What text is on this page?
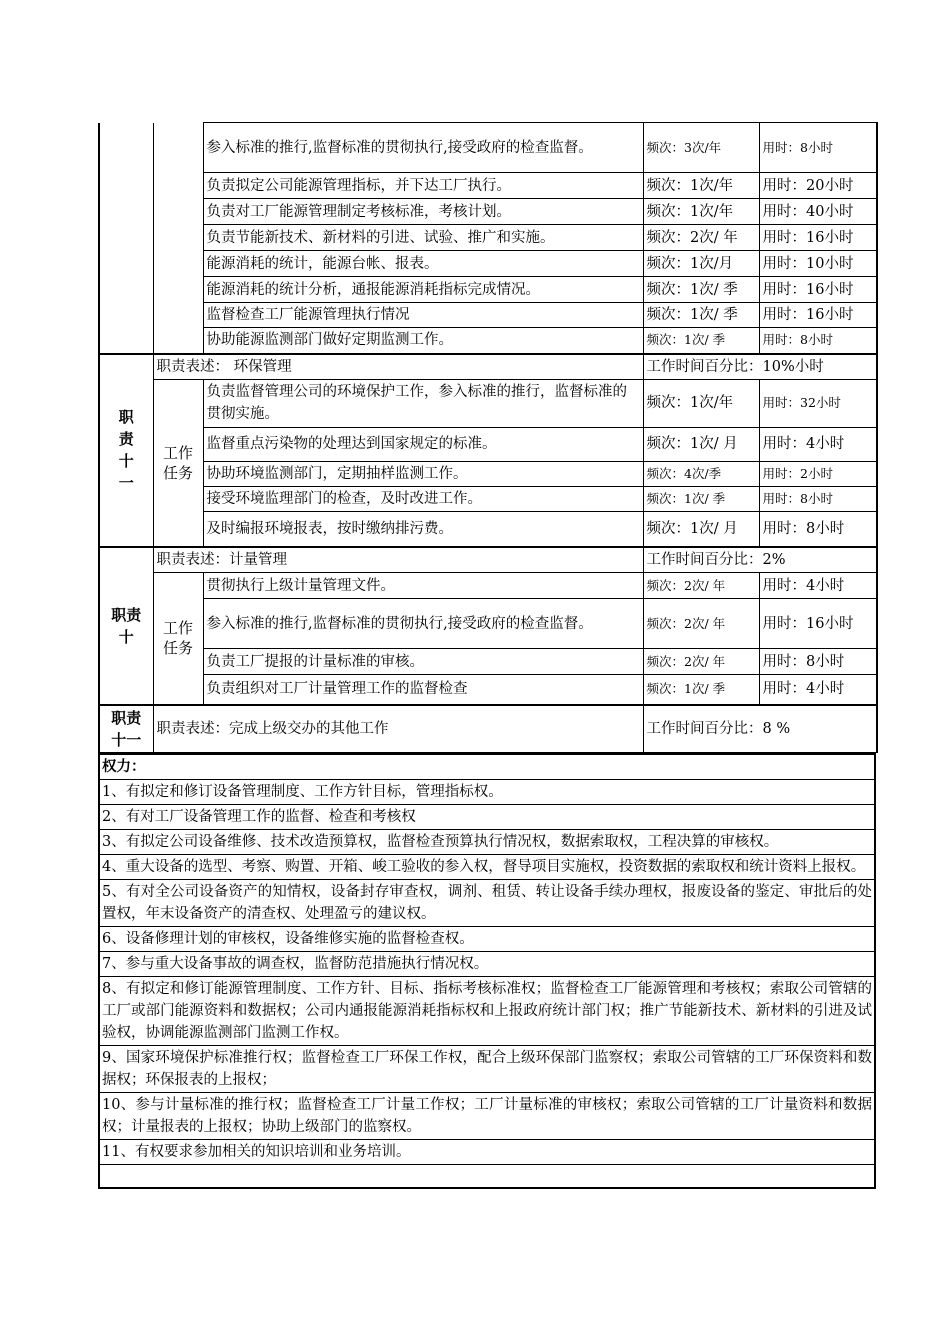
		参入标准的推行,监督标准的贯彻执行,接受政府的检查监督。	频次：3次/年	用时：8小时
		负责拟定公司能源管理指标，并下达工厂执行。	频次：1次/年	用时：20小时
		负责对工厂能源管理制定考核标准，考核计划。	频次：1次/年	用时：40小时
		负责节能新技术、新材料的引进、试验、推广和实施。	频次：2次/ 年	用时：16小时
		能源消耗的统计，能源台帐、报表。	频次：1次/月	用时：10小时
		能源消耗的统计分析，通报能源消耗指标完成情况。	频次：1次/ 季	用时：16小时
		监督检查工厂能源管理执行情况	频次：1次/ 季	用时：16小时
		协助能源监测部门做好定期监测工作。	频次：1次/ 季	用时：8小时

职责十一	职责表述： 环保管理		工作时间百分比：10%小时	

	工作任务	负责监督管理公司的环境保护工作，参入标准的推行，监督标准的贯彻实施。	频次：1次/年	用时：32小时
		监督重点污染物的处理达到国家规定的标准。	频次：1次/ 月	用时：4小时
		协助环境监测部门，定期抽样监测工作。	频次：4次/季	用时：2小时
		接受环境监理部门的检查，及时改进工作。	频次：1次/ 季	用时：8小时
		及时编报环境报表，按时缴纳排污费。	频次：1次/ 月	用时：8小时

职责十	职责表述：计量管理		工作时间百分比：2%	

	工作任务	贯彻执行上级计量管理文件。	频次：2次/ 年	用时：4小时
		参入标准的推行,监督标准的贯彻执行,接受政府的检查监督。	频次：2次/ 年	用时：16小时
		负责工厂提报的计量标准的审核。	频次：2次/ 年	用时：8小时
		负责组织对工厂计量管理工作的监督检查	频次：1次/ 季	用时：4小时

职责十一	职责表述：完成上级交办的其他工作		工作时间百分比：8 %	
权力：
1、有拟定和修订设备管理制度、工作方针目标，管理指标权。
2、有对工厂设备管理工作的监督、检查和考核权
3、有拟定公司设备维修、技术改造预算权，监督检查预算执行情况权，数据索取权，工程决算的审核权。
4、重大设备的选型、考察、购置、开箱、峻工验收的参入权，督导项目实施权，投资数据的索取权和统计资料上报权。
5、有对全公司设备资产的知情权，设备封存审查权，调剂、租赁、转让设备手续办理权，报废设备的鉴定、审批后的处置权，年末设备资产的清查权、处理盈亏的建议权。
6、设备修理计划的审核权，设备维修实施的监督检查权。
7、参与重大设备事故的调查权，监督防范措施执行情况权。
8、有拟定和修订能源管理制度、工作方针、目标、指标考核标准权；监督检查工厂能源管理和考核权；索取公司管辖的工厂或部门能源资料和数据权；公司内通报能源消耗指标权和上报政府统计部门权；推广节能新技术、新材料的引进及试验权，协调能源监测部门监测工作权。
9、国家环境保护标准推行权；监督检查工厂环保工作权，配合上级环保部门监察权；索取公司管辖的工厂环保资料和数据权；环保报表的上报权；
10、参与计量标准的推行权；监督检查工厂计量工作权；工厂计量标准的审核权；索取公司管辖的工厂计量资料和数据权；计量报表的上报权；协助上级部门的监察权。
11、有权要求参加相关的知识培训和业务培训。
